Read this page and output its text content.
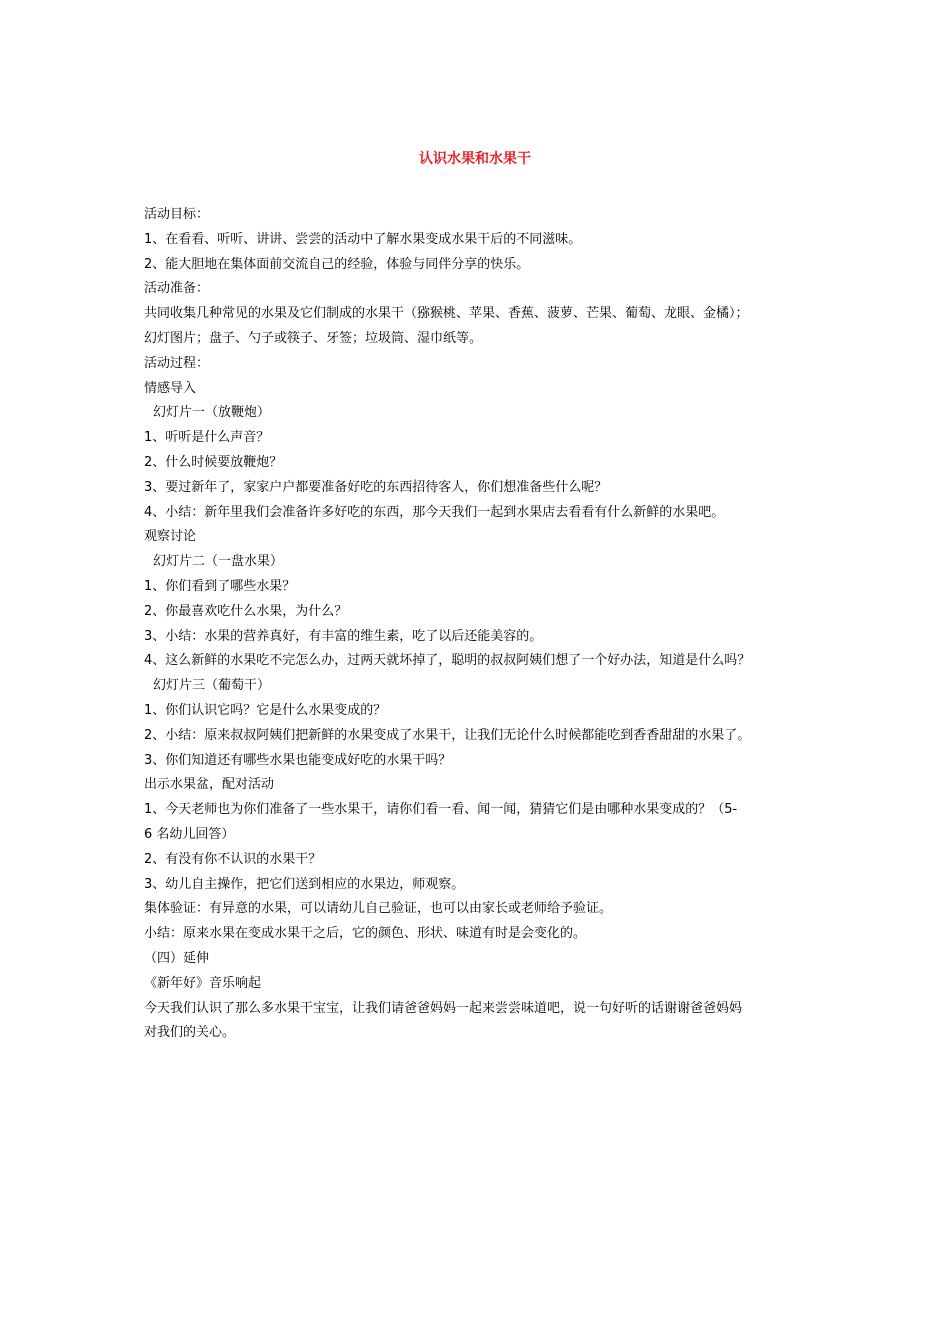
认识水果和水果干
活动目标：
1、在看看、听听、讲讲、尝尝的活动中了解水果变成水果干后的不同滋味。
2、能大胆地在集体面前交流自己的经验，体验与同伴分享的快乐。
活动准备：
共同收集几种常见的水果及它们制成的水果干（猕猴桃、苹果、香蕉、菠萝、芒果、葡萄、龙眼、金橘）；
幻灯图片；盘子、勺子或筷子、牙签；垃圾筒、湿巾纸等。
活动过程：
情感导入
幻灯片一（放鞭炮）
1、听听是什么声音？
2、什么时候要放鞭炮？
3、要过新年了，家家户户都要准备好吃的东西招待客人，你们想准备些什么呢？
4、小结：新年里我们会准备许多好吃的东西，那今天我们一起到水果店去看看有什么新鲜的水果吧。
观察讨论
幻灯片二（一盘水果）
1、你们看到了哪些水果？
2、你最喜欢吃什么水果，为什么？
3、小结：水果的营养真好，有丰富的维生素，吃了以后还能美容的。
4、这么新鲜的水果吃不完怎么办，过两天就坏掉了，聪明的叔叔阿姨们想了一个好办法，知道是什么吗？
幻灯片三（葡萄干）
1、你们认识它吗？它是什么水果变成的？
2、小结：原来叔叔阿姨们把新鲜的水果变成了水果干，让我们无论什么时候都能吃到香香甜甜的水果了。
3、你们知道还有哪些水果也能变成好吃的水果干吗？
出示水果盆，配对活动
1、今天老师也为你们准备了一些水果干，请你们看一看、闻一闻，猜猜它们是由哪种水果变成的？（5-
6 名幼儿回答）
2、有没有你不认识的水果干？
3、幼儿自主操作，把它们送到相应的水果边，师观察。
集体验证：有异意的水果，可以请幼儿自己验证，也可以由家长或老师给予验证。
小结：原来水果在变成水果干之后，它的颜色、形状、味道有时是会变化的。
（四）延伸
《新年好》音乐响起
今天我们认识了那么多水果干宝宝，让我们请爸爸妈妈一起来尝尝味道吧，说一句好听的话谢谢爸爸妈妈
对我们的关心。
